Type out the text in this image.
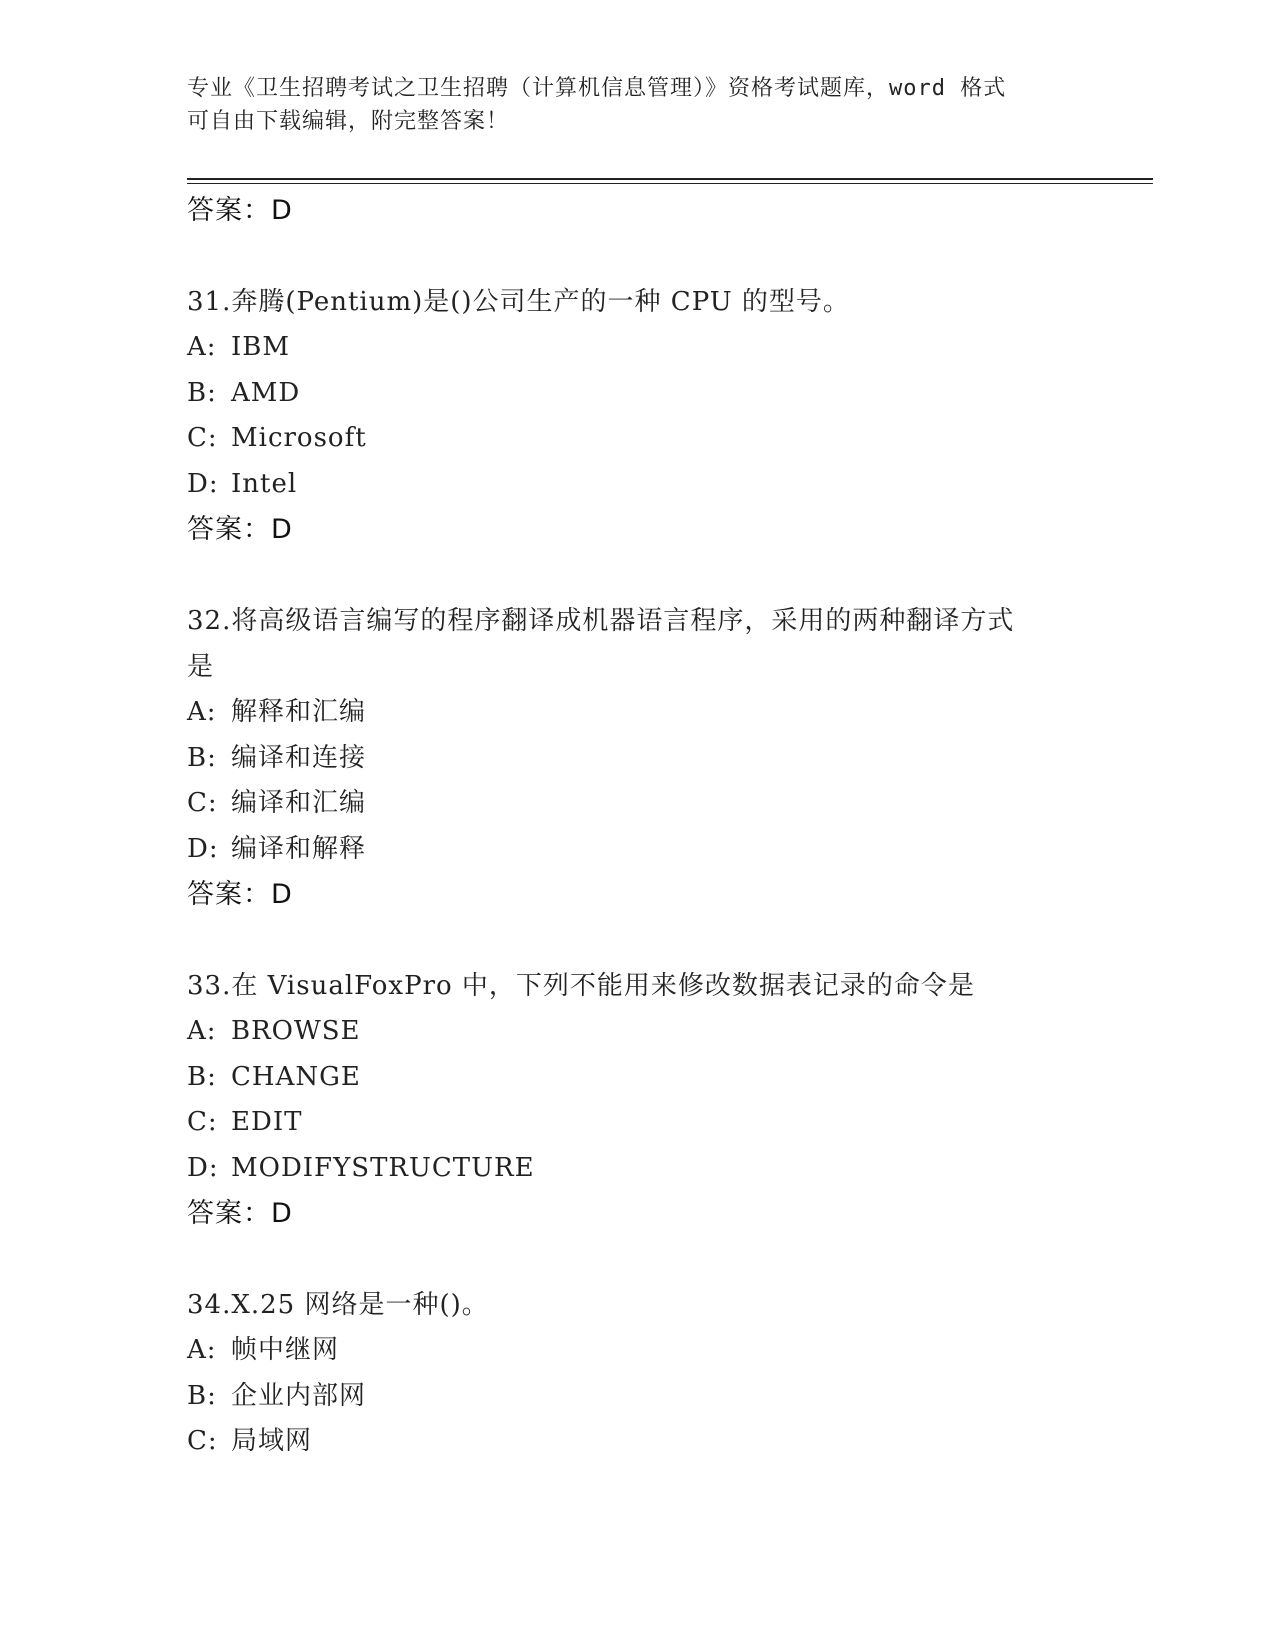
专业《卫生招聘考试之卫生招聘（计算机信息管理）》资格考试题库，word 格式
可自由下载编辑，附完整答案！
答案：D
31.奔腾(Pentium)是()公司生产的一种 CPU 的型号。
A: IBM
B: AMD
C: Microsoft
D: Intel
答案：D
32.将高级语言编写的程序翻译成机器语言程序，采用的两种翻译方式
是
A: 解释和汇编
B: 编译和连接
C: 编译和汇编
D: 编译和解释
答案：D
33.在 VisualFoxPro 中，下列不能用来修改数据表记录的命令是
A: BROWSE
B: CHANGE
C: EDIT
D: MODIFYSTRUCTURE
答案：D
34.X.25 网络是一种()。
A: 帧中继网
B: 企业内部网
C: 局域网
